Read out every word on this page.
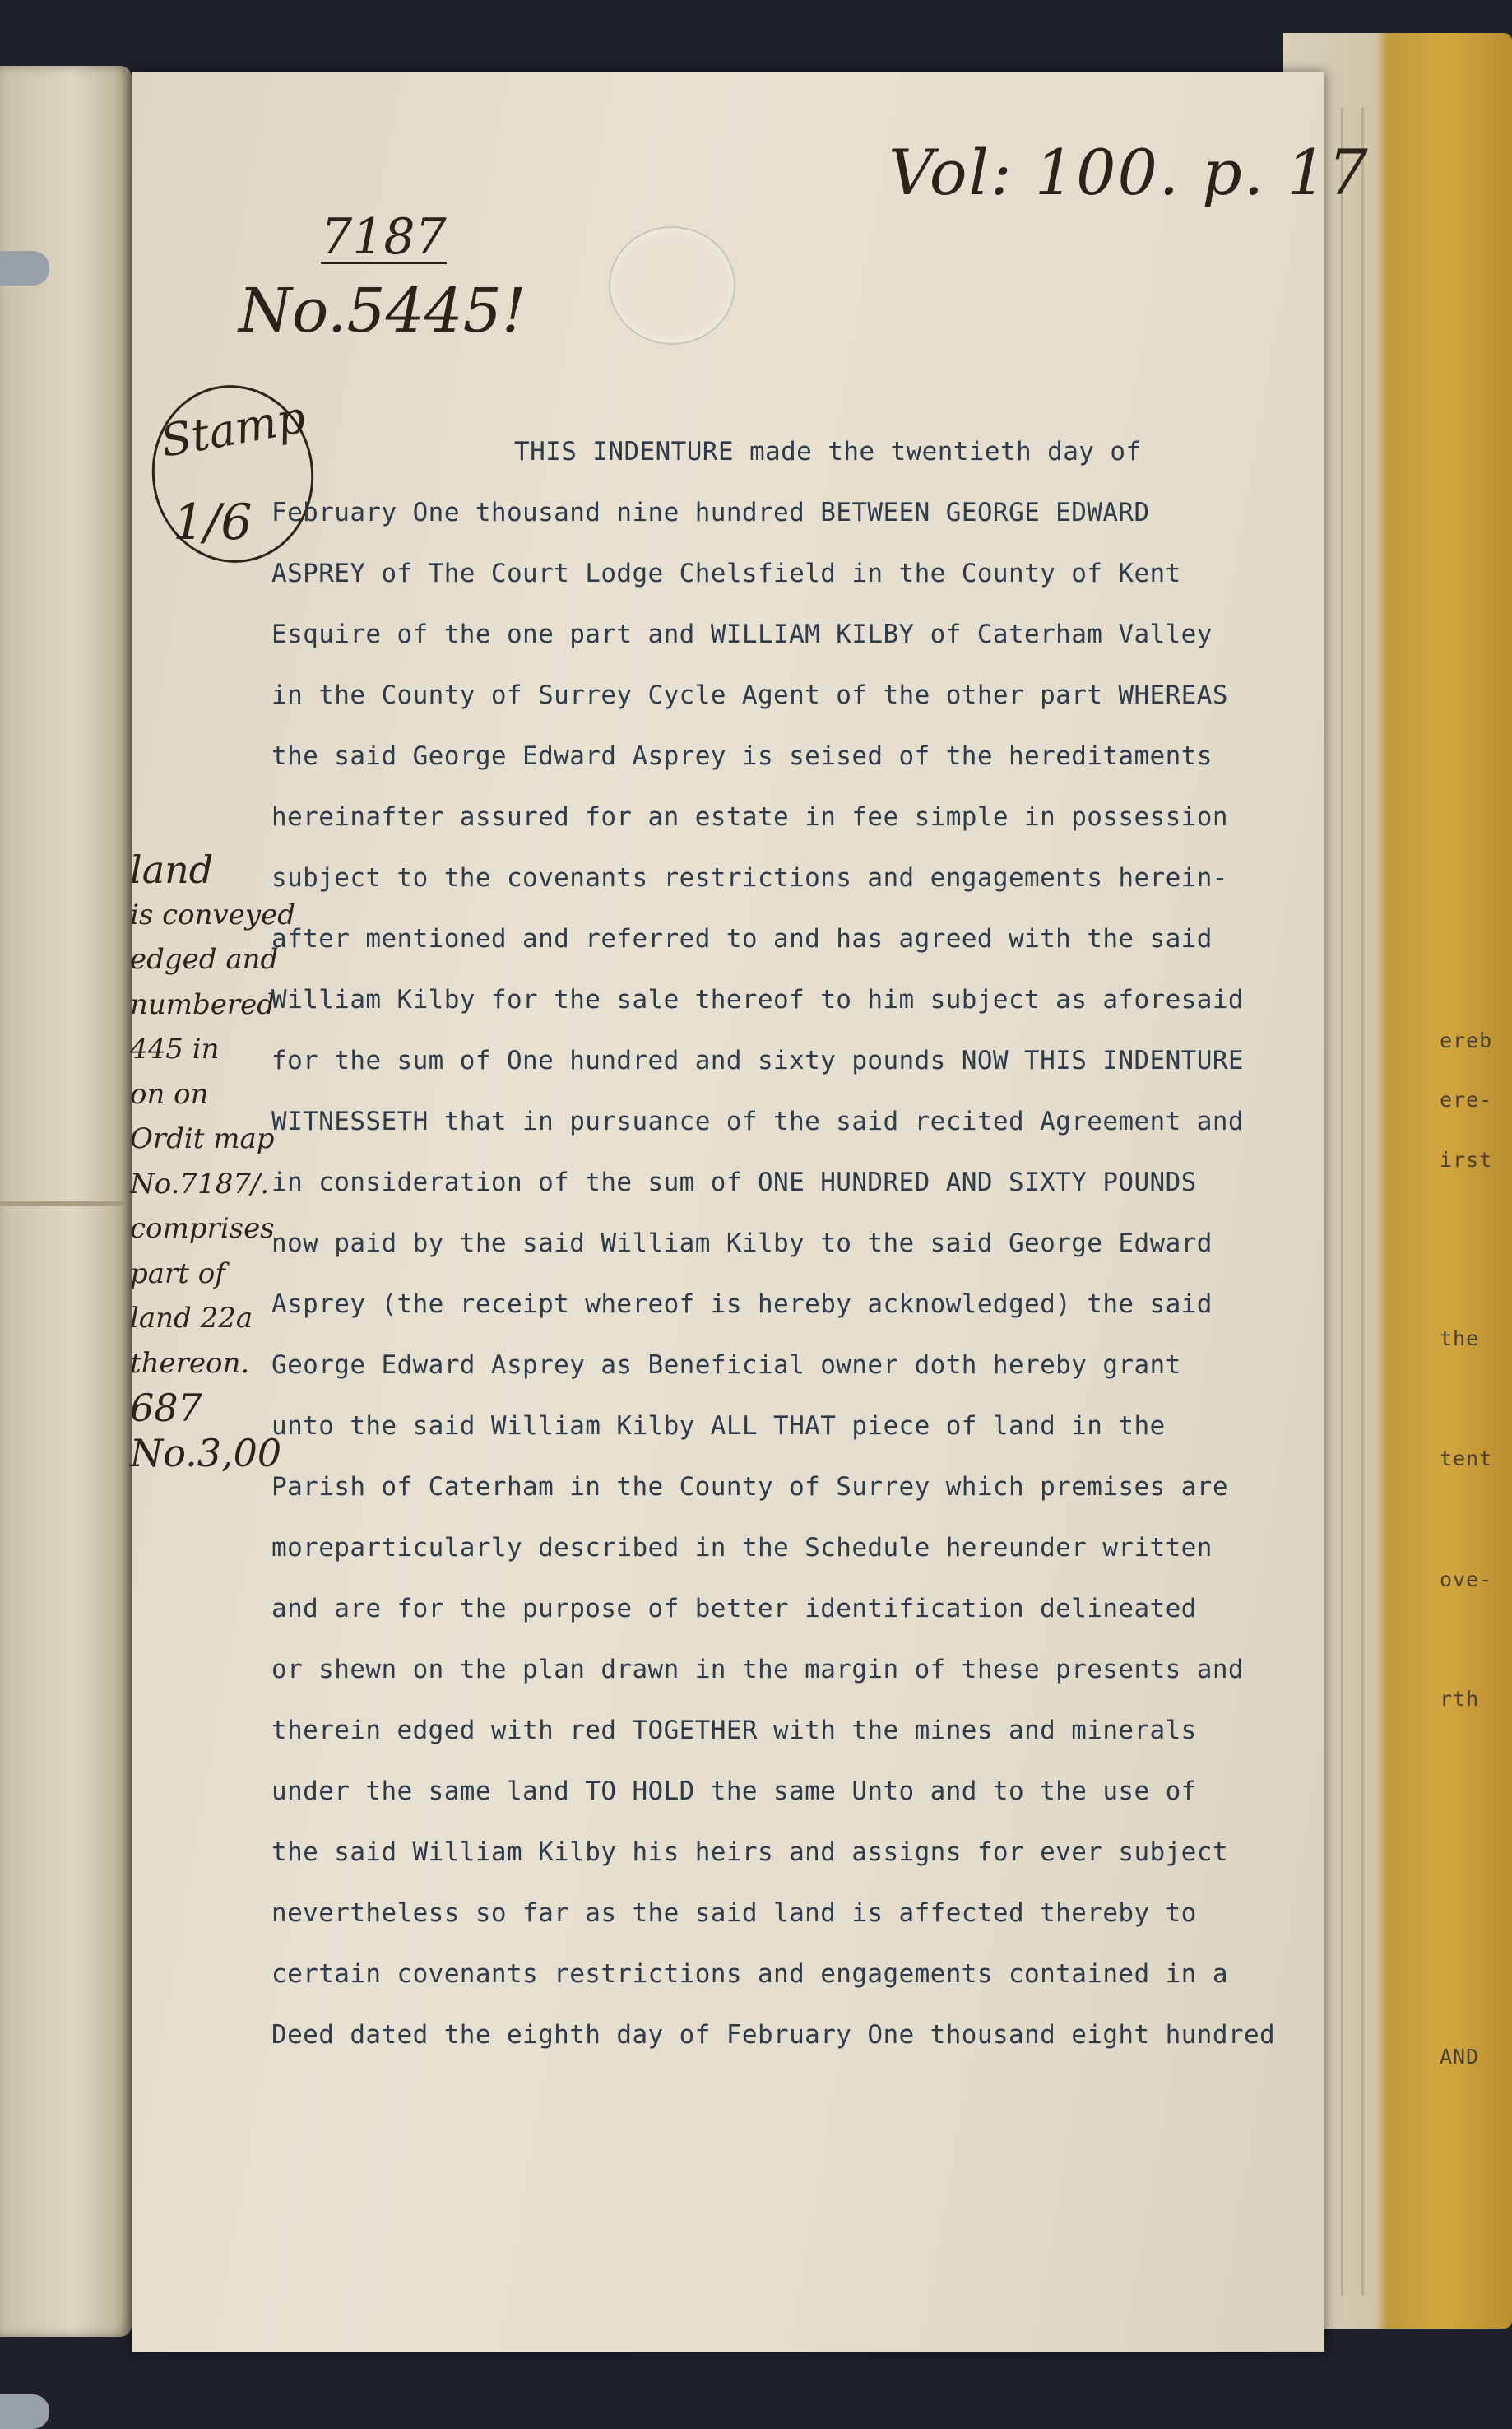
ereb
ere-
irst
the
tent
ove-
rth
AND
Vol: 100. p. 17
7187
No.5445!
Stamp
1/6
land
is conveyed
edged and
numbered
445 in
on on
Ordit map
No.7187/.
comprises
part of
land 22a
thereon.
687
No.3,00
THIS INDENTURE made the twentieth day of
February One thousand nine hundred BETWEEN GEORGE EDWARD
ASPREY of The Court Lodge Chelsfield in the County of Kent
Esquire of the one part and WILLIAM KILBY of Caterham Valley
in the County of Surrey Cycle Agent of the other part WHEREAS
the said George Edward Asprey is seised of the hereditaments
hereinafter assured for an estate in fee simple in possession
subject to the covenants restrictions and engagements herein-
after mentioned and referred to and has agreed with the said
William Kilby for the sale thereof to him subject as aforesaid
for the sum of One hundred and sixty pounds NOW THIS INDENTURE
WITNESSETH that in pursuance of the said recited Agreement and
in consideration of the sum of ONE HUNDRED AND SIXTY POUNDS
now paid by the said William Kilby to the said George Edward
Asprey (the receipt whereof is hereby acknowledged) the said
George Edward Asprey as Beneficial owner doth hereby grant
unto the said William Kilby ALL THAT piece of land in the
Parish of Caterham in the County of Surrey which premises are
moreparticularly described in the Schedule hereunder written
and are for the purpose of better identification delineated
or shewn on the plan drawn in the margin of these presents and
therein edged with red TOGETHER with the mines and minerals
under the same land TO HOLD the same Unto and to the use of
the said William Kilby his heirs and assigns for ever subject
nevertheless so far as the said land is affected thereby to
certain covenants restrictions and engagements contained in a
Deed dated the eighth day of February One thousand eight hundred
